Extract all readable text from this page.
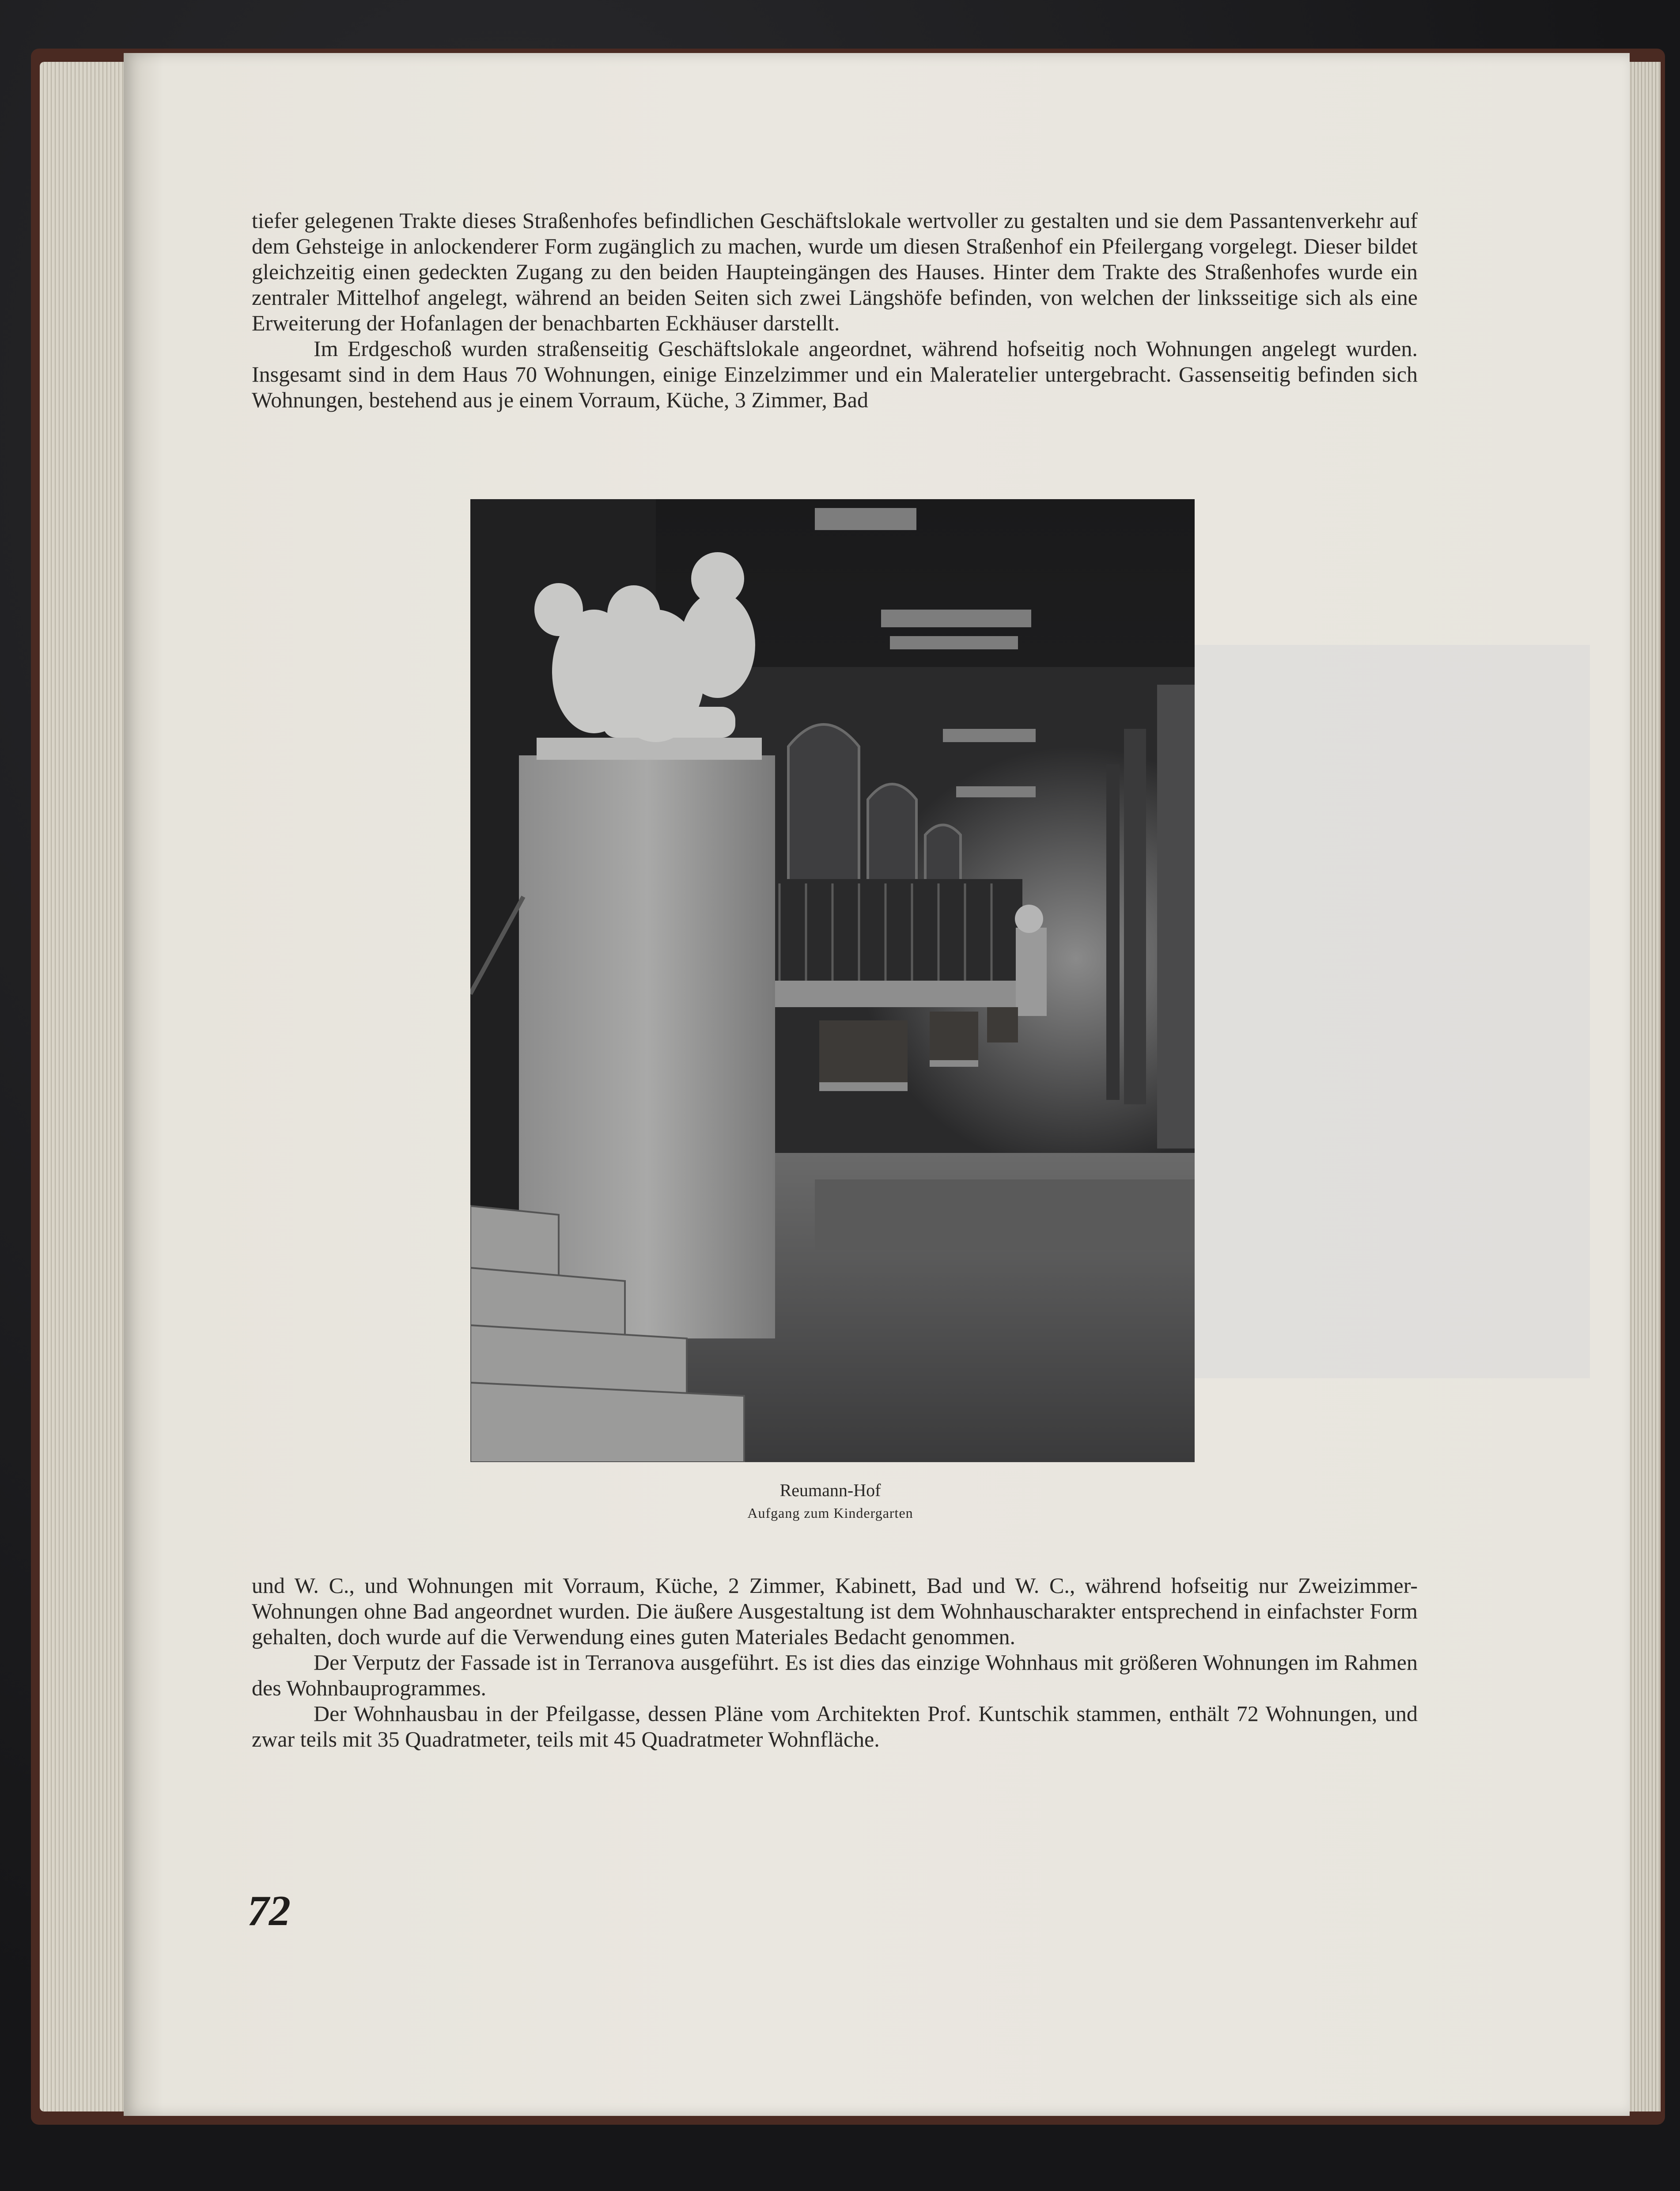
tiefer gelegenen Trakte dieses Straßenhofes befindlichen Geschäftslokale wertvoller zu gestalten und sie dem Passantenverkehr auf dem Gehsteige in anlockenderer Form zugänglich zu machen, wurde um diesen Straßenhof ein Pfeilergang vorgelegt. Dieser bildet gleichzeitig einen gedeckten Zugang zu den beiden Haupteingängen des Hauses. Hinter dem Trakte des Straßenhofes wurde ein zentraler Mittelhof angelegt, während an beiden Seiten sich zwei Längshöfe befinden, von welchen der linksseitige sich als eine Erweiterung der Hofanlagen der benachbarten Eckhäuser darstellt.

Im Erdgeschoß wurden straßenseitig Geschäftslokale angeordnet, während hofseitig noch Wohnungen angelegt wurden. Insgesamt sind in dem Haus 70 Wohnungen, einige Einzelzimmer und ein Maleratelier untergebracht. Gassenseitig befinden sich Wohnungen, bestehend aus je einem Vorraum, Küche, 3 Zimmer, Bad

Reumann-Hof
Aufgang zum Kindergarten

und W. C., und Wohnungen mit Vorraum, Küche, 2 Zimmer, Kabinett, Bad und W. C., während hofseitig nur Zweizimmer-Wohnungen ohne Bad angeordnet wurden. Die äußere Ausgestaltung ist dem Wohnhauscharakter entsprechend in einfachster Form gehalten, doch wurde auf die Verwendung eines guten Materiales Bedacht genommen.

Der Verputz der Fassade ist in Terranova ausgeführt. Es ist dies das einzige Wohnhaus mit größeren Wohnungen im Rahmen des Wohnbauprogrammes.

Der Wohnhausbau in der Pfeilgasse, dessen Pläne vom Architekten Prof. Kuntschik stammen, enthält 72 Wohnungen, und zwar teils mit 35 Quadratmeter, teils mit 45 Quadratmeter Wohnfläche.

72
